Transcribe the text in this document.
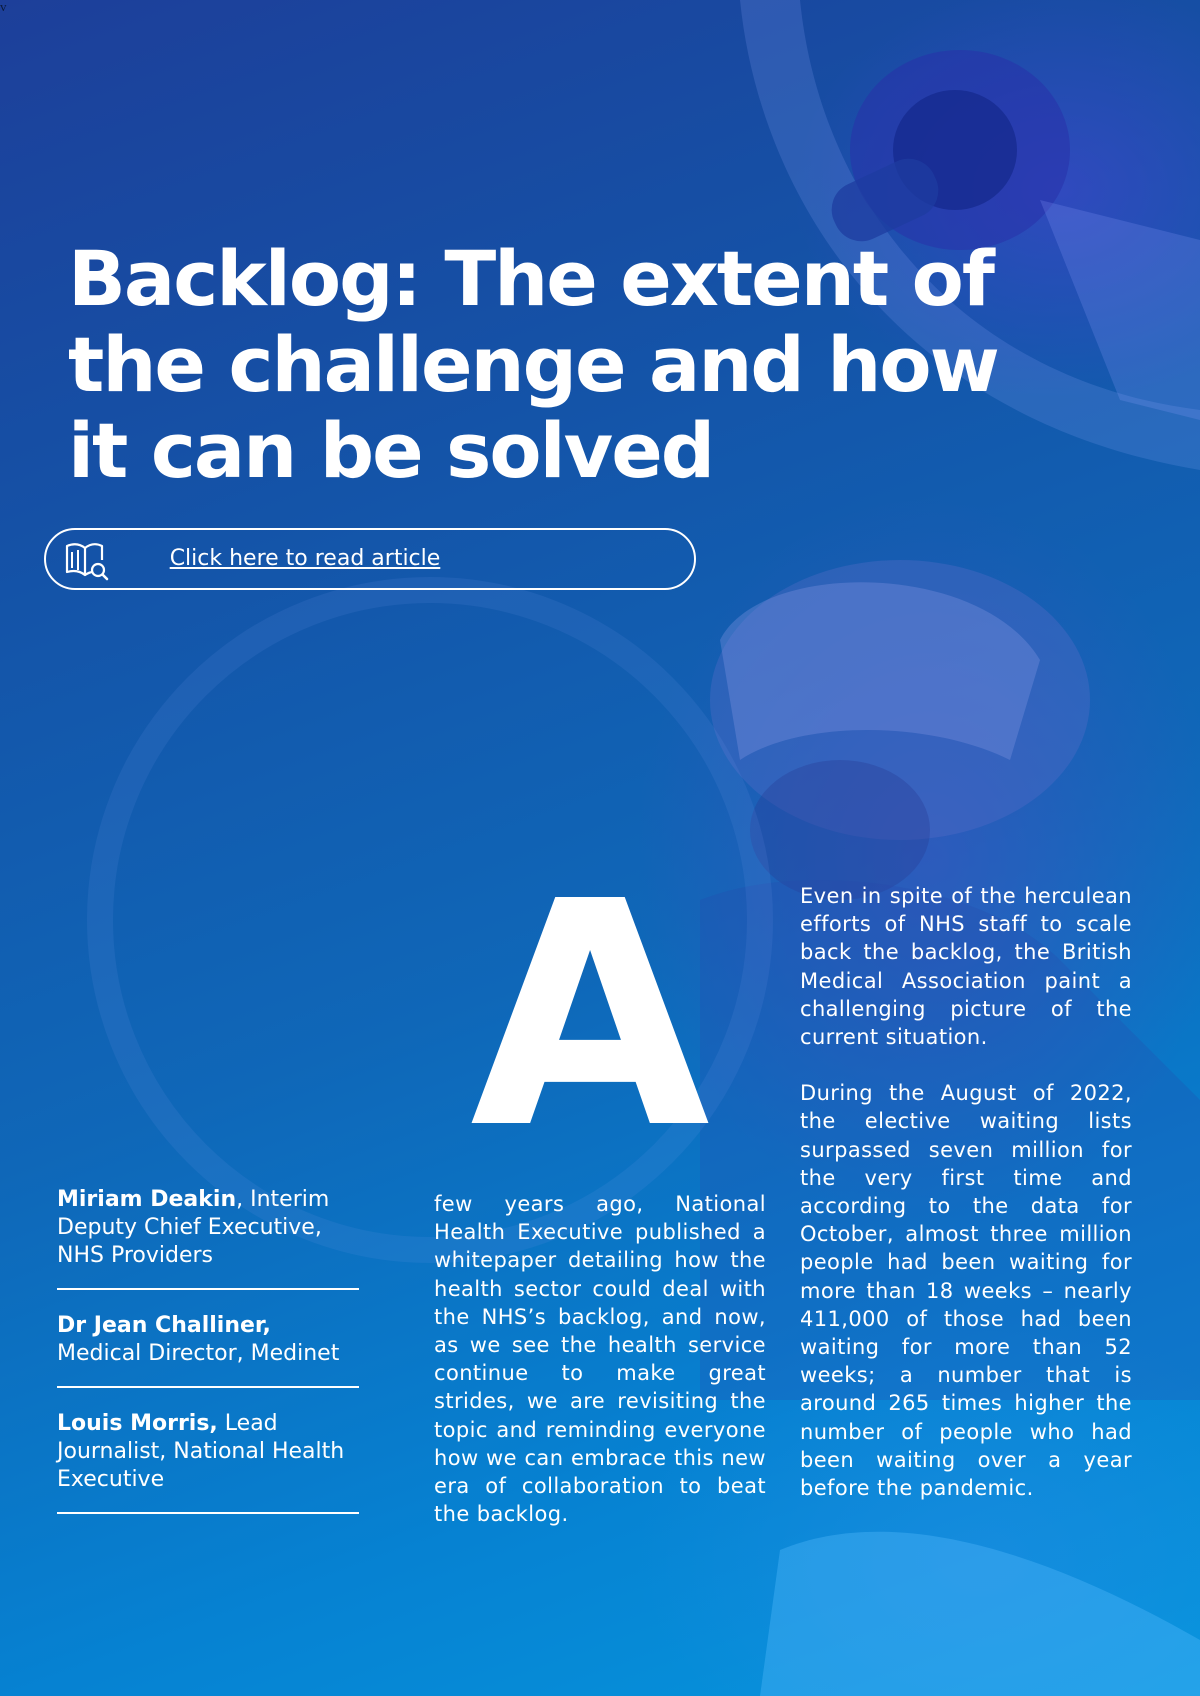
v
Backlog: The extent of the challenge and how it can be solved
Click here to read article
Miriam Deakin, Interim Deputy Chief Executive, NHS Providers
Dr Jean Challiner, Medical Director, Medinet
Louis Morris, Lead Journalist, National Health Executive
A

few years ago, National Health Executive published a whitepaper detailing how the health sector could deal with the NHS’s backlog, and now, as we see the health service continue to make great strides, we are revisiting the topic and reminding everyone how we can embrace this new era of collaboration to beat the backlog.

Even in spite of the herculean efforts of NHS staff to scale back the backlog, the British Medical Association paint a challenging picture of the current situation.

During the August of 2022, the elective waiting lists surpassed seven million for the very first time and according to the data for October, almost three million people had been waiting for more than 18 weeks – nearly 411,000 of those had been waiting for more than 52 weeks; a number that is around 265 times higher the number of people who had been waiting over a year before the pandemic.
